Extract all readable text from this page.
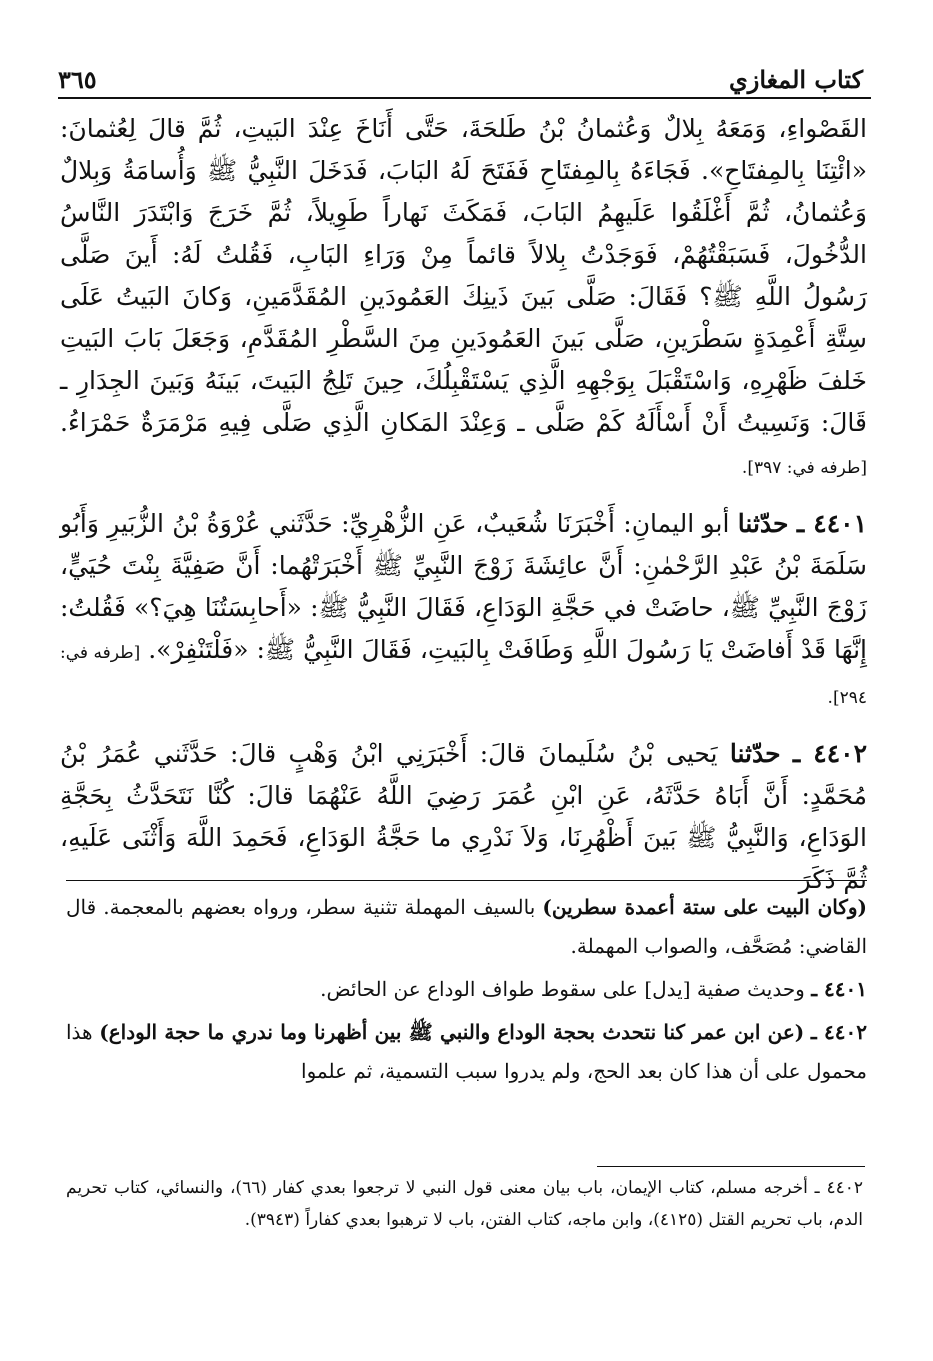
كتاب المغازي
٣٦٥

القَصْواءِ، وَمَعَهُ بِلالٌ وَعُثمانُ بْنُ طَلحَةَ، حَتَّى أَنَاخَ عِنْدَ البَيتِ، ثُمَّ قالَ لِعُثمانَ: «ائْتِنَا بِالمِفتَاحِ». فَجَاءَهُ بِالمِفتَاحِ فَفَتَحَ لَهُ البَابَ، فَدَخَلَ النَّبِيُّ ﷺ وَأُسامَةُ وَبِلالٌ وَعُثمانُ، ثُمَّ أَغْلَقُوا عَلَيهِمُ البَابَ، فَمَكَثَ نَهاراً طَوِيلاً، ثُمَّ خَرَجَ وَابْتَدَرَ النَّاسُ الدُّخُولَ، فَسَبَقْتُهُمْ، فَوَجَدْتُ بِلالاً قائماً مِنْ وَرَاءِ البَابِ، فَقُلتُ لَهُ: أَينَ صَلَّى رَسُولُ اللَّهِ ﷺ؟ فَقَالَ: صَلَّى بَينَ ذَينِكَ العَمُودَينِ المُقَدَّمَينِ، وَكانَ البَيتُ عَلَى سِتَّةِ أَعْمِدَةٍ سَطْرَينِ، صَلَّى بَينَ العَمُودَينِ مِنَ السَّطْرِ المُقَدَّمِ، وَجَعَلَ بَابَ البَيتِ خَلفَ ظَهْرِهِ، وَاسْتَقْبَلَ بِوَجْهِهِ الَّذِي يَسْتَقْبِلُكَ، حِينَ تَلِجُ البَيتَ، بَينَهُ وَبَينَ الجِدَارِ ـ قَالَ: وَنَسِيتُ أَنْ أَسْأَلَهُ كَمْ صَلَّى ـ وَعِنْدَ المَكانِ الَّذِي صَلَّى فِيهِ مَرْمَرَةٌ حَمْرَاءُ. [طرفه في: ٣٩٧].

٤٤٠١ ـ حدّثنا أبو اليمانِ: أَخْبَرَنَا شُعَيبٌ، عَنِ الزُّهْرِيِّ: حَدَّثَني عُرْوَةُ بْنُ الزُّبَيرِ وَأَبُو سَلَمَةَ بْنُ عَبْدِ الرَّحْمٰنِ: أَنَّ عائِشَةَ زَوْجَ النَّبِيِّ ﷺ أَخْبَرَتْهُما: أَنَّ صَفِيَّةَ بِنْتَ حُيَيٍّ، زَوْجَ النَّبِيِّ ﷺ، حاضَتْ في حَجَّةِ الوَدَاعِ، فَقَالَ النَّبِيُّ ﷺ: «أَحابِسَتُنَا هِيَ؟» فَقُلتُ: إِنَّهَا قَدْ أَفاضَتْ يَا رَسُولَ اللَّهِ وَطَافَتْ بِالبَيتِ، فَقَالَ النَّبِيُّ ﷺ: «فَلْتَنْفِرْ». [طرفه في: ٢٩٤].

٤٤٠٢ ـ حدّثنا يَحيى بْنُ سُلَيمانَ قالَ: أَخْبَرَنِي ابْنُ وَهْبٍ قالَ: حَدَّثَني عُمَرُ بْنُ مُحَمَّدٍ: أَنَّ أَبَاهُ حَدَّثَهُ، عَنِ ابْنِ عُمَرَ رَضِيَ اللَّهُ عَنْهُمَا قالَ: كُنَّا نَتَحَدَّثُ بِحَجَّةِ الوَدَاعِ، وَالنَّبِيُّ ﷺ بَينَ أَظْهُرِنَا، وَلاَ نَدْرِي ما حَجَّةُ الوَدَاعِ، فَحَمِدَ اللَّهَ وَأَثْنَى عَلَيهِ، ثُمَّ ذَكَرَ

(وكان البيت على ستة أعمدة سطرين) بالسيف المهملة تثنية سطر، ورواه بعضهم بالمعجمة. قال القاضي: مُصَحَّف، والصواب المهملة.

٤٤٠١ ـ وحديث صفية [يدل] على سقوط طواف الوداع عن الحائض.

٤٤٠٢ ـ (عن ابن عمر كنا نتحدث بحجة الوداع والنبي ﷺ بين أظهرنا وما ندري ما حجة الوداع) هذا محمول على أن هذا كان بعد الحج، ولم يدروا سبب التسمية، ثم علموا

٤٤٠٢ ـ أخرجه مسلم، كتاب الإيمان، باب بيان معنى قول النبي لا ترجعوا بعدي كفار (٦٦)، والنسائي، كتاب تحريم الدم، باب تحريم القتل (٤١٢٥)، وابن ماجه، كتاب الفتن، باب لا ترهبوا بعدي كفاراً (٣٩٤٣).
